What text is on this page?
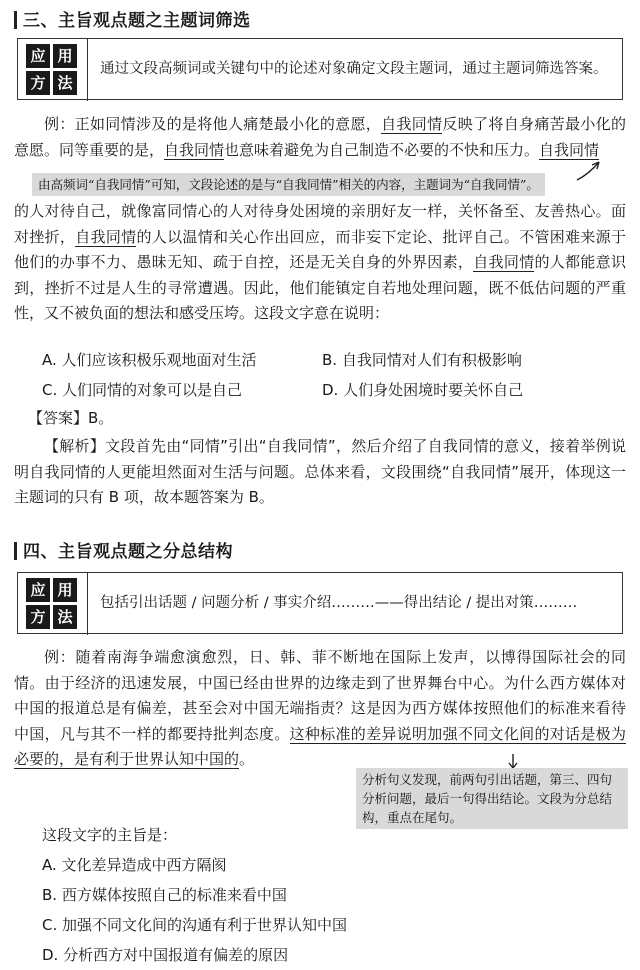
三、主旨观点题之主题词筛选
应 用
方 法
通过文段高频词或关键句中的论述对象确定文段主题词，通过主题词筛选答案。

例：正如同情涉及的是将他人痛楚最小化的意愿，自我同情反映了将自身痛苦最小化的意愿。同等重要的是，自我同情也意味着避免为自己制造不必要的不快和压力。自我同情

由高频词“自我同情”可知，文段论述的是与“自我同情”相关的内容，主题词为“自我同情”。

的人对待自己，就像富同情心的人对待身处困境的亲朋好友一样，关怀备至、友善热心。面对挫折，自我同情的人以温情和关心作出回应，而非妄下定论、批评自己。不管困难来源于他们的办事不力、愚昧无知、疏于自控，还是无关自身的外界因素，自我同情的人都能意识到，挫折不过是人生的寻常遭遇。因此，他们能镇定自若地处理问题，既不低估问题的严重性，又不被负面的想法和感受压垮。这段文字意在说明：

A. 人们应该积极乐观地面对生活	B. 自我同情对人们有积极影响
C. 人们同情的对象可以是自己	D. 人们身处困境时要关怀自己

【答案】B。

【解析】文段首先由“同情”引出“自我同情”，然后介绍了自我同情的意义，接着举例说明自我同情的人更能坦然面对生活与问题。总体来看，文段围绕“自我同情”展开，体现这一主题词的只有 B 项，故本题答案为 B。

四、主旨观点题之分总结构
应 用
方 法
包括引出话题 / 问题分析 / 事实介绍………——得出结论 / 提出对策………

例：随着南海争端愈演愈烈，日、韩、菲不断地在国际上发声，以博得国际社会的同情。由于经济的迅速发展，中国已经由世界的边缘走到了世界舞台中心。为什么西方媒体对中国的报道总是有偏差，甚至会对中国无端指责？这是因为西方媒体按照他们的标准来看待中国，凡与其不一样的都要持批判态度。这种标准的差异说明加强不同文化间的对话是极为必要的，是有利于世界认知中国的。

分析句义发现，前两句引出话题，第三、四句分析问题，最后一句得出结论。文段为分总结构，重点在尾句。
这段文字的主旨是：
A. 文化差异造成中西方隔阂
B. 西方媒体按照自己的标准来看中国
C. 加强不同文化间的沟通有利于世界认知中国
D. 分析西方对中国报道有偏差的原因
